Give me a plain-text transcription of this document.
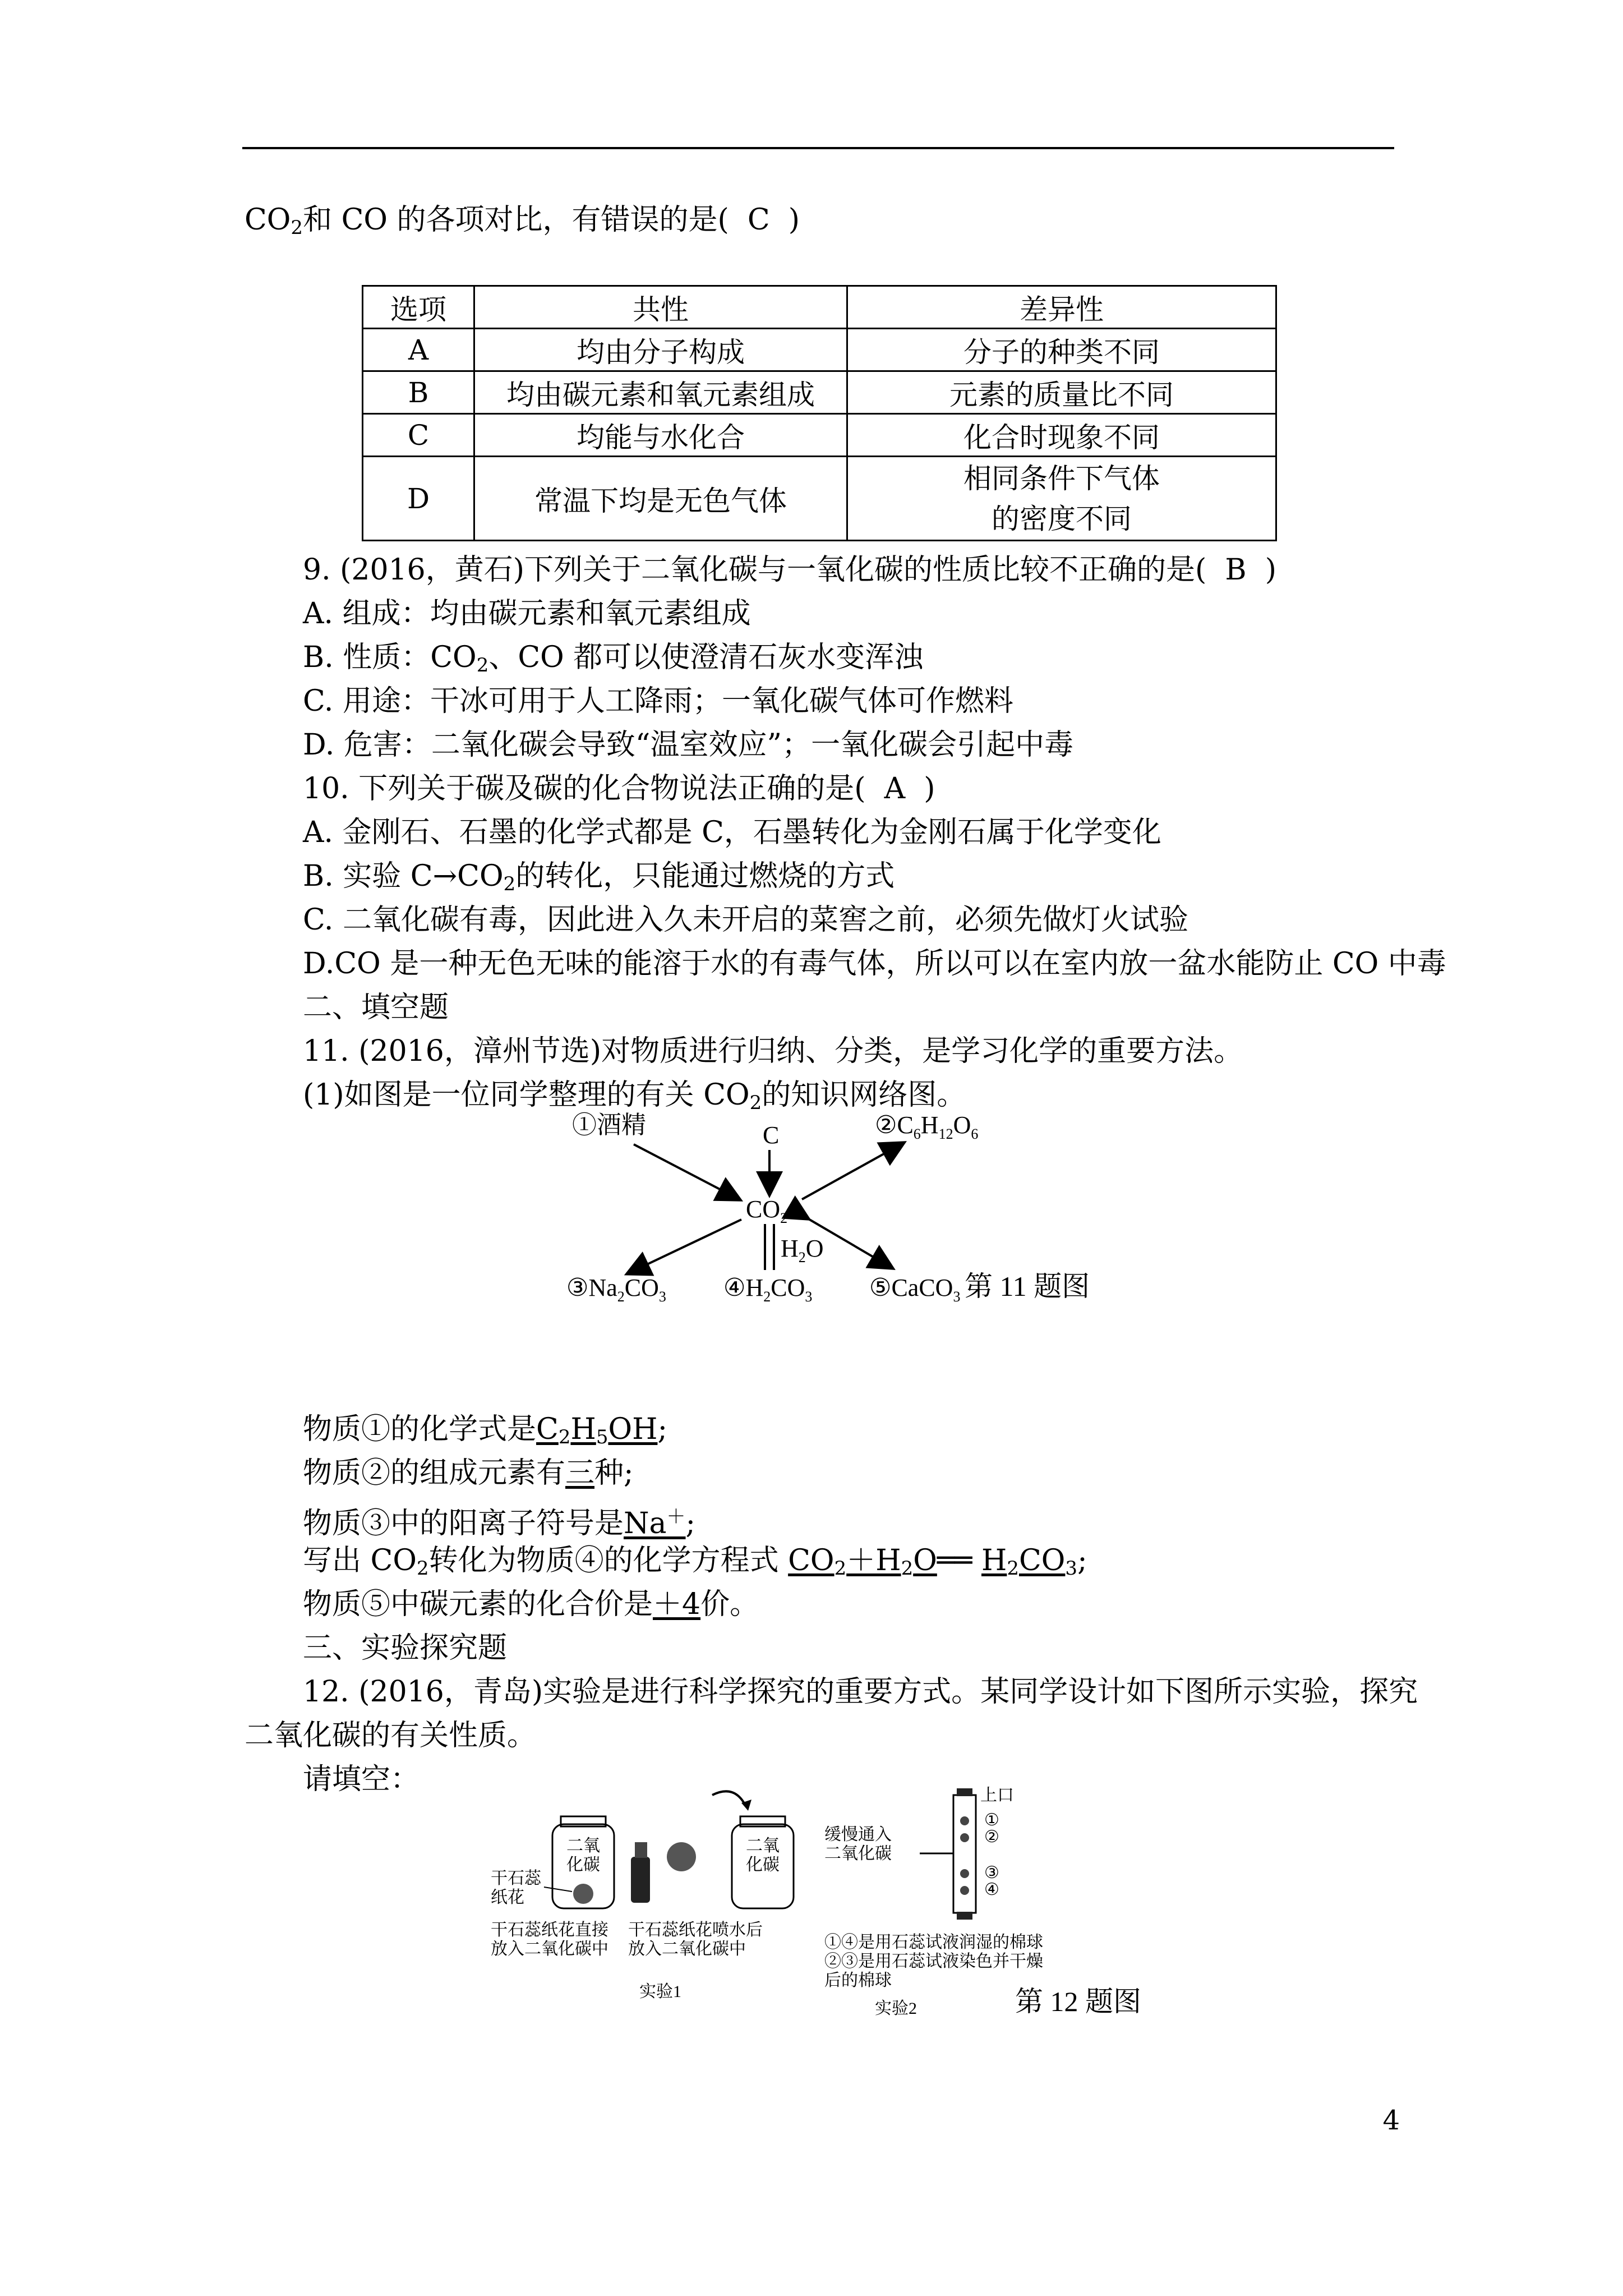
$CO_2$和 CO 的各项对比，有错误的是( C )
选项	共性	差异性
A	均由分子构成	分子的种类不同
B	均由碳元素和氧元素组成	元素的质量比不同
C	均能与水化合	化合时现象不同
D	常温下均是无色气体	相同条件下气体
的密度不同
9. (2016，黄石)下列关于二氧化碳与一氧化碳的性质比较不正确的是( B )
A. 组成：均由碳元素和氧元素组成
B. 性质：$CO_2$、CO 都可以使澄清石灰水变浑浊
C. 用途：干冰可用于人工降雨；一氧化碳气体可作燃料
D. 危害：二氧化碳会导致“温室效应”；一氧化碳会引起中毒
10. 下列关于碳及碳的化合物说法正确的是( A )
A. 金刚石、石墨的化学式都是 C，石墨转化为金刚石属于化学变化
B. 实验 $C\to CO_2$的转化，只能通过燃烧的方式
C. 二氧化碳有毒，因此进入久未开启的菜窖之前，必须先做灯火试验
D.CO 是一种无色无味的能溶于水的有毒气体，所以可以在室内放一盆水能防止 CO 中毒
二、填空题
11. (2016，漳州节选)对物质进行归纳、分类，是学习化学的重要方法。
(1)如图是一位同学整理的有关 $CO_2$的知识网络图。
①酒精	C	$②C_6H_{12}O_6$
$CO_2$
$H_2O$
$③Na_2CO_3$ $④H_2CO_3$ ⑤CaCO$_3$ 第 11 题图
物质①的化学式是$C_2H_5OH$;
物质②的组成元素有三种;
物质③中的阳离子符号是Na＋;
写出 $CO_2$转化为物质④的化学方程式 $CO_2+H_2O══$ $H_2CO_3$;
物质⑤中碳元素的化合价是＋4价。
三、实验探究题
12. (2016，青岛)实验是进行科学探究的重要方式。某同学设计如下图所示实验，探究
二氧化碳的有关性质。
请填空：
二氧
化碳
干石蕊
纸花
干石蕊纸花直接
放入二氧化碳中
二氧
化碳
干石蕊纸花喷水后
放入二氧化碳中
实验1
缓慢通入
二氧化碳
上口
①
②
③
④
①④是用石蕊试液润湿的棉球
②③是用石蕊试液染色并干燥
后的棉球
实验2	第 12 题图
4
